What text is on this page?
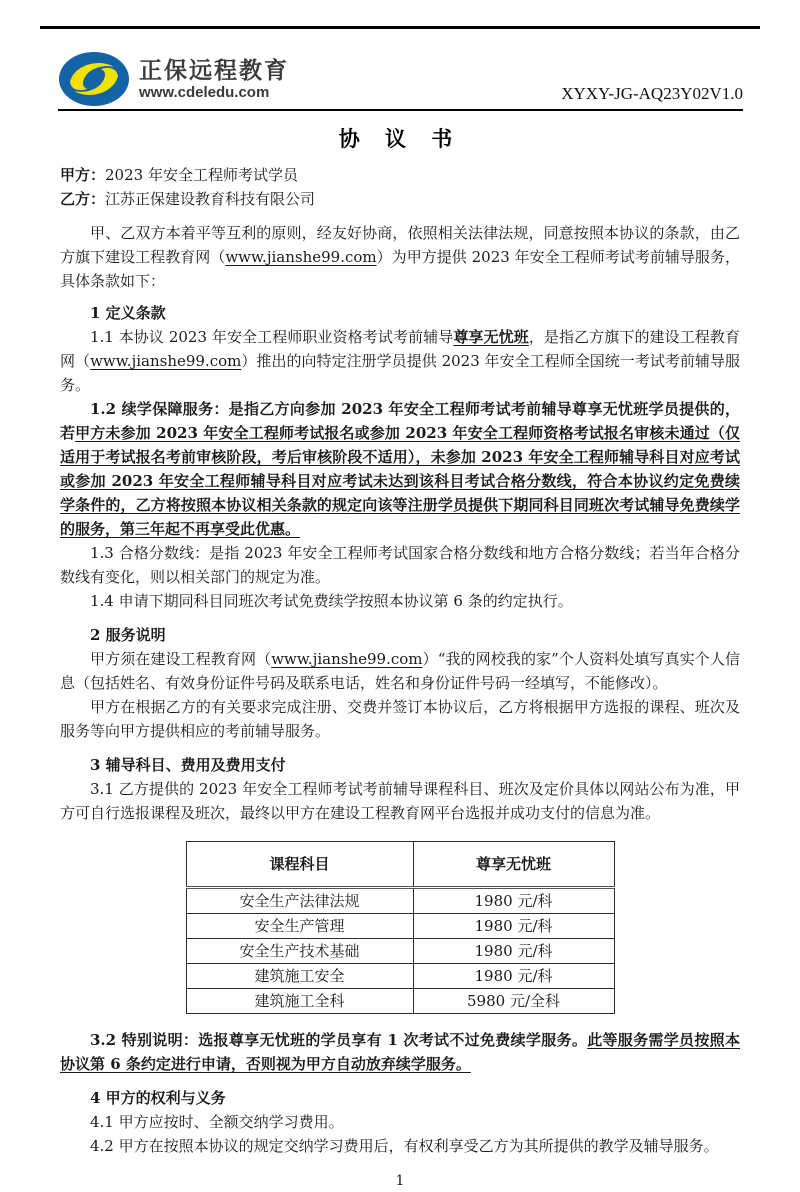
正保远程教育
www.cdeledu.com	XYXY-JG-AQ23Y02V1.0
协 议 书
甲方：2023 年安全工程师考试学员
乙方：江苏正保建设教育科技有限公司

甲、乙双方本着平等互利的原则，经友好协商，依照相关法律法规，同意按照本协议的条款，由乙方旗下建设工程教育网（www.jianshe99.com）为甲方提供 2023 年安全工程师考试考前辅导服务，具体条款如下：

1 定义条款

1.1 本协议 2023 年安全工程师职业资格考试考前辅导尊享无忧班，是指乙方旗下的建设工程教育网（www.jianshe99.com）推出的向特定注册学员提供 2023 年安全工程师全国统一考试考前辅导服务。

1.2 续学保障服务：是指乙方向参加 2023 年安全工程师考试考前辅导尊享无忧班学员提供的，若甲方未参加 2023 年安全工程师考试报名或参加 2023 年安全工程师资格考试报名审核未通过（仅适用于考试报名考前审核阶段，考后审核阶段不适用），未参加 2023 年安全工程师辅导科目对应考试或参加 2023 年安全工程师辅导科目对应考试未达到该科目考试合格分数线，符合本协议约定免费续学条件的，乙方将按照本协议相关条款的规定向该等注册学员提供下期同科目同班次考试辅导免费续学的服务，第三年起不再享受此优惠。

1.3 合格分数线：是指 2023 年安全工程师考试国家合格分数线和地方合格分数线；若当年合格分数线有变化，则以相关部门的规定为准。

1.4 申请下期同科目同班次考试免费续学按照本协议第 6 条的约定执行。

2 服务说明

甲方须在建设工程教育网（www.jianshe99.com）“我的网校我的家”个人资料处填写真实个人信息（包括姓名、有效身份证件号码及联系电话，姓名和身份证件号码一经填写，不能修改）。

甲方在根据乙方的有关要求完成注册、交费并签订本协议后，乙方将根据甲方选报的课程、班次及服务等向甲方提供相应的考前辅导服务。

3 辅导科目、费用及费用支付

3.1 乙方提供的 2023 年安全工程师考试考前辅导课程科目、班次及定价具体以网站公布为准，甲方可自行选报课程及班次，最终以甲方在建设工程教育网平台选报并成功支付的信息为准。

课程科目	尊享无忧班
安全生产法律法规	1980 元/科
安全生产管理	1980 元/科
安全生产技术基础	1980 元/科
建筑施工安全	1980 元/科
建筑施工全科	5980 元/全科

3.2 特别说明：选报尊享无忧班的学员享有 1 次考试不过免费续学服务。此等服务需学员按照本协议第 6 条约定进行申请，否则视为甲方自动放弃续学服务。

4 甲方的权利与义务

4.1 甲方应按时、全额交纳学习费用。

4.2 甲方在按照本协议的规定交纳学习费用后，有权利享受乙方为其所提供的教学及辅导服务。

1
